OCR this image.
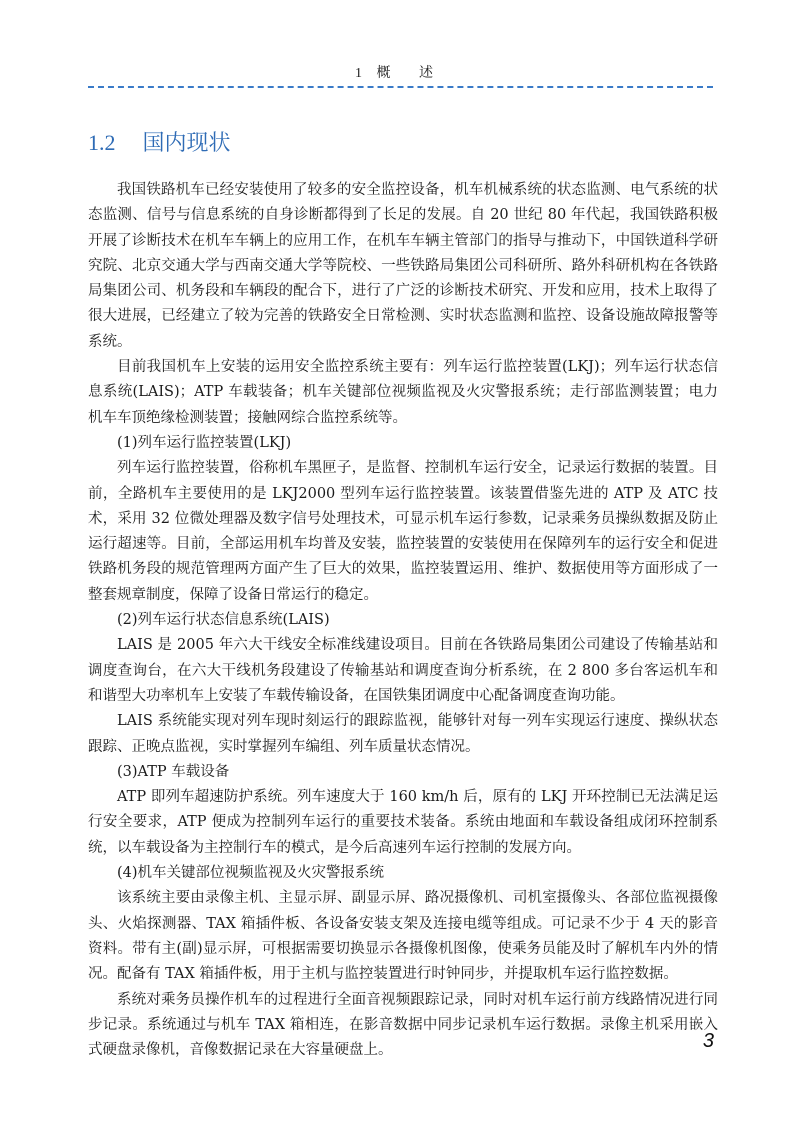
1 概 述
1.2 国内现状

我国铁路机车已经安装使用了较多的安全监控设备，机车机械系统的状态监测、电气系统的状态监测、信号与信息系统的自身诊断都得到了长足的发展。自 20 世纪 80 年代起，我国铁路积极开展了诊断技术在机车车辆上的应用工作，在机车车辆主管部门的指导与推动下，中国铁道科学研究院、北京交通大学与西南交通大学等院校、一些铁路局集团公司科研所、路外科研机构在各铁路局集团公司、机务段和车辆段的配合下，进行了广泛的诊断技术研究、开发和应用，技术上取得了很大进展，已经建立了较为完善的铁路安全日常检测、实时状态监测和监控、设备设施故障报警等系统。

目前我国机车上安装的运用安全监控系统主要有：列车运行监控装置(LKJ)；列车运行状态信息系统(LAIS)；ATP 车载装备；机车关键部位视频监视及火灾警报系统；走行部监测装置；电力机车车顶绝缘检测装置；接触网综合监控系统等。

(1)列车运行监控装置(LKJ)

列车运行监控装置，俗称机车黑匣子，是监督、控制机车运行安全，记录运行数据的装置。目前，全路机车主要使用的是 LKJ2000 型列车运行监控装置。该装置借鉴先进的 ATP 及 ATC 技术，采用 32 位微处理器及数字信号处理技术，可显示机车运行参数，记录乘务员操纵数据及防止运行超速等。目前，全部运用机车均普及安装，监控装置的安装使用在保障列车的运行安全和促进铁路机务段的规范管理两方面产生了巨大的效果，监控装置运用、维护、数据使用等方面形成了一整套规章制度，保障了设备日常运行的稳定。

(2)列车运行状态信息系统(LAIS)

LAIS 是 2005 年六大干线安全标准线建设项目。目前在各铁路局集团公司建设了传输基站和调度查询台，在六大干线机务段建设了传输基站和调度查询分析系统，在 2 800 多台客运机车和和谐型大功率机车上安装了车载传输设备，在国铁集团调度中心配备调度查询功能。

LAIS 系统能实现对列车现时刻运行的跟踪监视，能够针对每一列车实现运行速度、操纵状态跟踪、正晚点监视，实时掌握列车编组、列车质量状态情况。

(3)ATP 车载设备

ATP 即列车超速防护系统。列车速度大于 160 km/h 后，原有的 LKJ 开环控制已无法满足运行安全要求，ATP 便成为控制列车运行的重要技术装备。系统由地面和车载设备组成闭环控制系统，以车载设备为主控制行车的模式，是今后高速列车运行控制的发展方向。

(4)机车关键部位视频监视及火灾警报系统

该系统主要由录像主机、主显示屏、副显示屏、路况摄像机、司机室摄像头、各部位监视摄像头、火焰探测器、TAX 箱插件板、各设备安装支架及连接电缆等组成。可记录不少于 4 天的影音资料。带有主(副)显示屏，可根据需要切换显示各摄像机图像，使乘务员能及时了解机车内外的情况。配备有 TAX 箱插件板，用于主机与监控装置进行时钟同步，并提取机车运行监控数据。

系统对乘务员操作机车的过程进行全面音视频跟踪记录，同时对机车运行前方线路情况进行同步记录。系统通过与机车 TAX 箱相连，在影音数据中同步记录机车运行数据。录像主机采用嵌入式硬盘录像机，音像数据记录在大容量硬盘上。	3
